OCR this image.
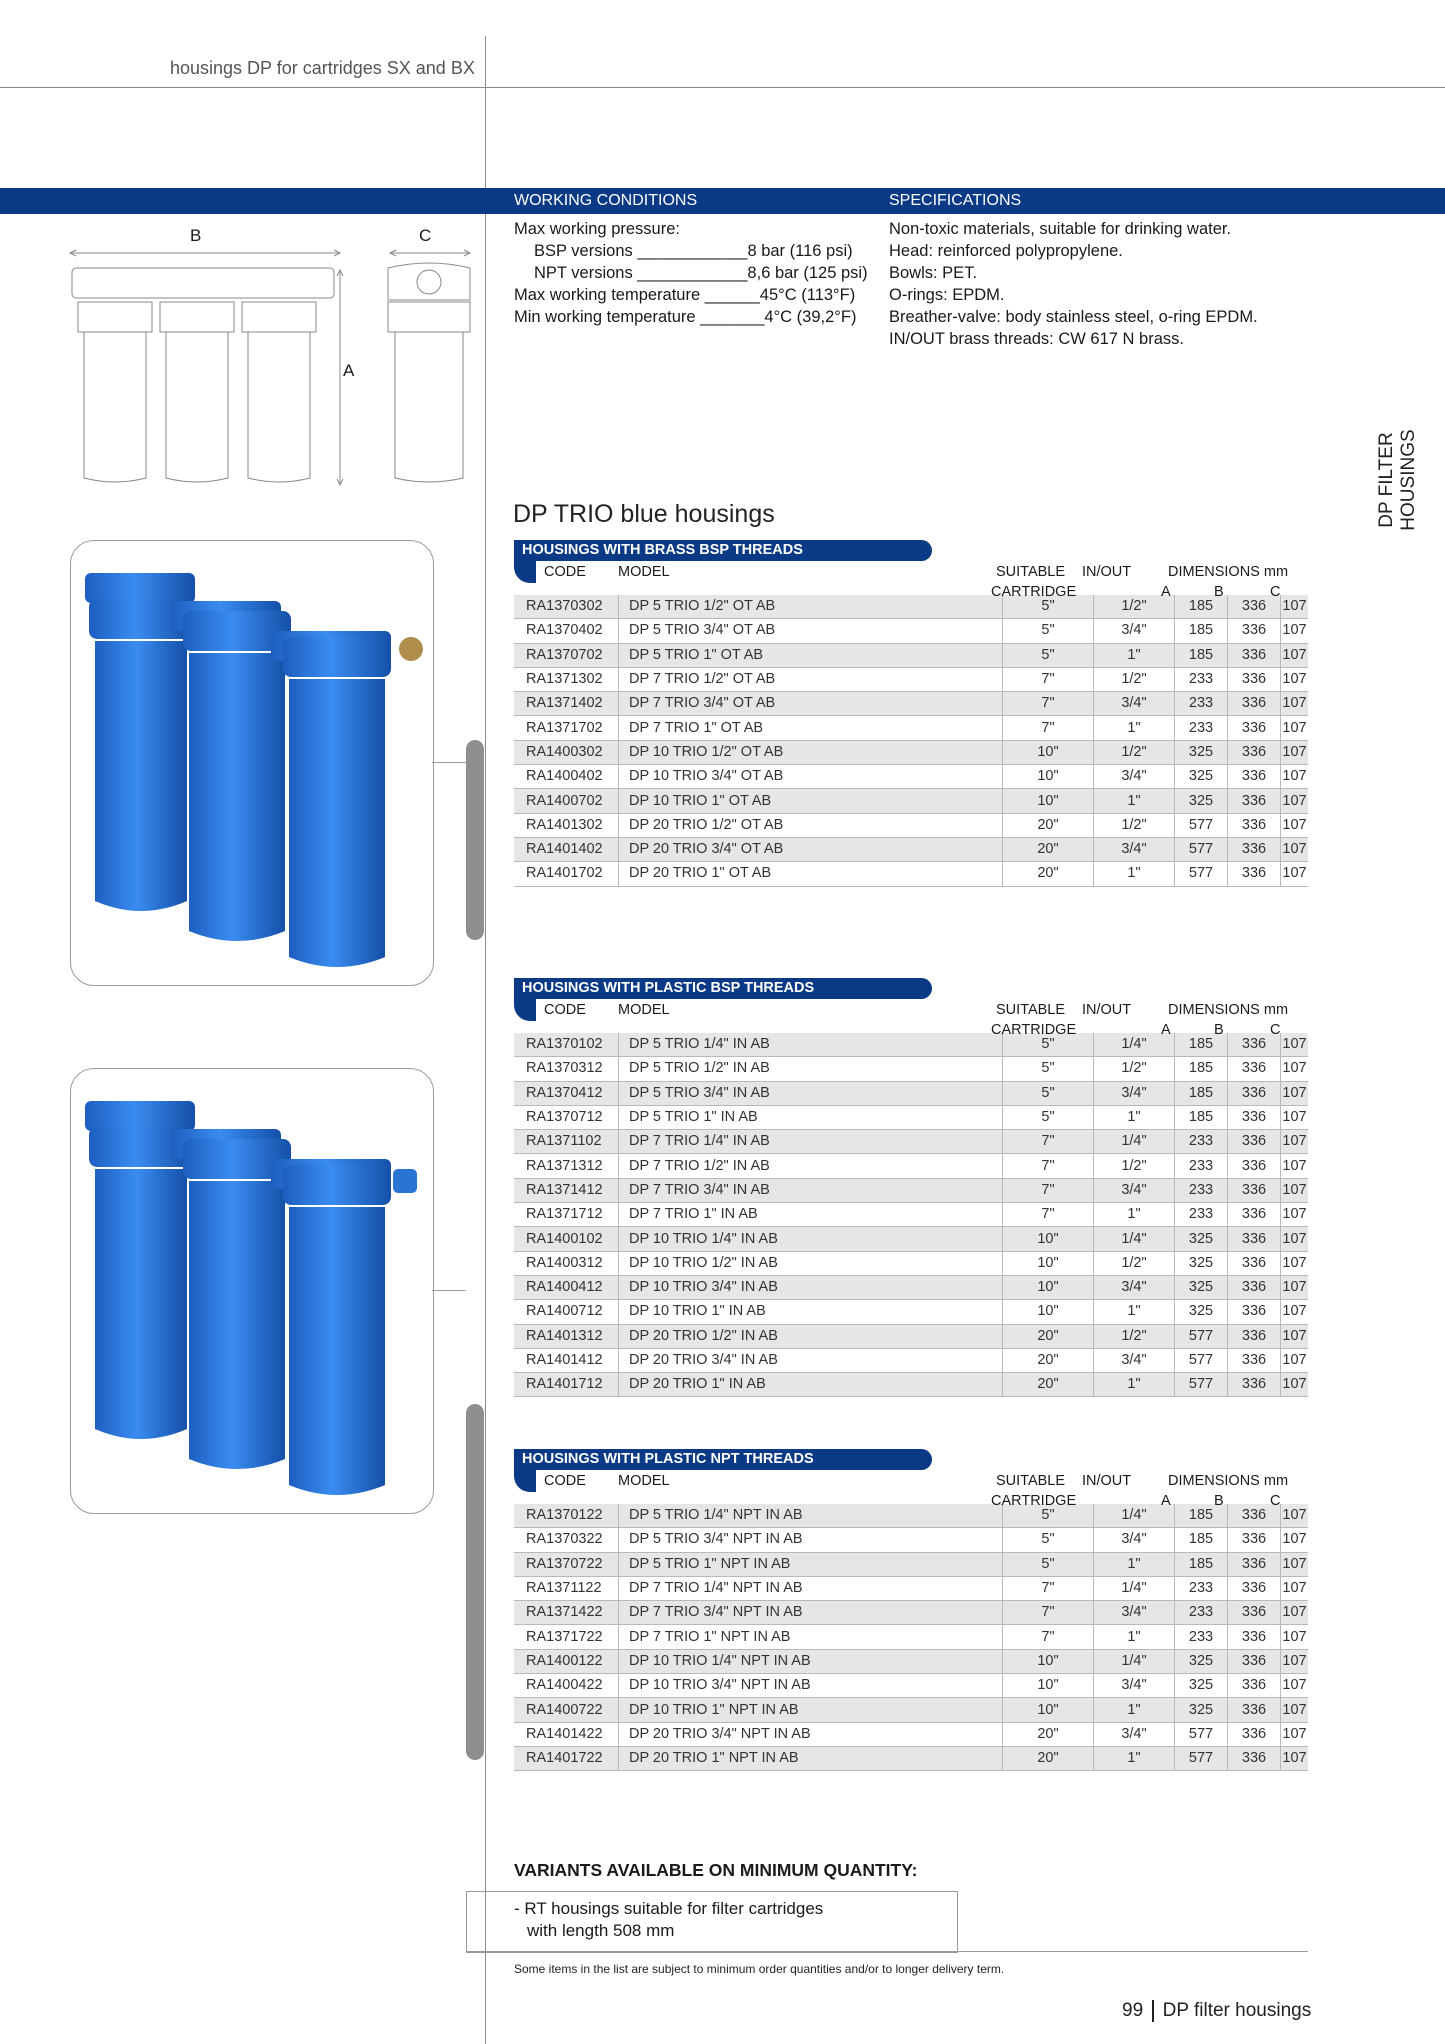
housings DP for cartridges SX and BX
DP FILTER HOUSINGS
WORKING CONDITIONS	SPECIFICATIONS
Max working pressure:
BSP versions ____________8 bar (116 psi)
NPT versions ____________8,6 bar (125 psi)
Max working temperature ______45°C (113°F)
Min working temperature _______4°C (39,2°F)
Non-toxic materials, suitable for drinking water.
Head: reinforced polypropylene.
Bowls: PET.
O-rings: EPDM.
Breather-valve: body stainless steel, o-ring EPDM.
IN/OUT brass threads: CW 617 N brass.
B	C
A
DP TRIO blue housings
HOUSINGS WITH BRASS BSP THREADS
CODE MODEL	SUITABLE
CARTRIDGE
IN/OUT	DIMENSIONS mm
A	B	C
RA1370302	DP 5 TRIO 1/2" OT AB	5"	1/2"	185	336	107
RA1370402	DP 5 TRIO 3/4" OT AB	5"	3/4"	185	336	107
RA1370702	DP 5 TRIO 1" OT AB	5"	1"	185	336	107
RA1371302	DP 7 TRIO 1/2" OT AB	7"	1/2"	233	336	107
RA1371402	DP 7 TRIO 3/4" OT AB	7"	3/4"	233	336	107
RA1371702	DP 7 TRIO 1" OT AB	7"	1"	233	336	107
RA1400302	DP 10 TRIO 1/2" OT AB	10"	1/2"	325	336	107
RA1400402	DP 10 TRIO 3/4" OT AB	10"	3/4"	325	336	107
RA1400702	DP 10 TRIO 1" OT AB	10"	1"	325	336	107
RA1401302	DP 20 TRIO 1/2" OT AB	20"	1/2"	577	336	107
RA1401402	DP 20 TRIO 3/4" OT AB	20"	3/4"	577	336	107
RA1401702	DP 20 TRIO 1" OT AB	20"	1"	577	336	107
HOUSINGS WITH PLASTIC BSP THREADS
CODE MODEL	SUITABLE
CARTRIDGE
IN/OUT	DIMENSIONS mm
A	B	C
RA1370102	DP 5 TRIO 1/4" IN AB	5"	1/4"	185	336	107
RA1370312	DP 5 TRIO 1/2" IN AB	5"	1/2"	185	336	107
RA1370412	DP 5 TRIO 3/4" IN AB	5"	3/4"	185	336	107
RA1370712	DP 5 TRIO 1" IN AB	5"	1"	185	336	107
RA1371102	DP 7 TRIO 1/4" IN AB	7"	1/4"	233	336	107
RA1371312	DP 7 TRIO 1/2" IN AB	7"	1/2"	233	336	107
RA1371412	DP 7 TRIO 3/4" IN AB	7"	3/4"	233	336	107
RA1371712	DP 7 TRIO 1" IN AB	7"	1"	233	336	107
RA1400102	DP 10 TRIO 1/4" IN AB	10"	1/4"	325	336	107
RA1400312	DP 10 TRIO 1/2" IN AB	10"	1/2"	325	336	107
RA1400412	DP 10 TRIO 3/4" IN AB	10"	3/4"	325	336	107
RA1400712	DP 10 TRIO 1" IN AB	10"	1"	325	336	107
RA1401312	DP 20 TRIO 1/2" IN AB	20"	1/2"	577	336	107
RA1401412	DP 20 TRIO 3/4" IN AB	20"	3/4"	577	336	107
RA1401712	DP 20 TRIO 1" IN AB	20"	1"	577	336	107
HOUSINGS WITH PLASTIC NPT THREADS
CODE MODEL	SUITABLE
CARTRIDGE
IN/OUT	DIMENSIONS mm
A	B	C
RA1370122	DP 5 TRIO 1/4" NPT IN AB	5"	1/4"	185	336	107
RA1370322	DP 5 TRIO 3/4" NPT IN AB	5"	3/4"	185	336	107
RA1370722	DP 5 TRIO 1" NPT IN AB	5"	1"	185	336	107
RA1371122	DP 7 TRIO 1/4" NPT IN AB	7"	1/4"	233	336	107
RA1371422	DP 7 TRIO 3/4" NPT IN AB	7"	3/4"	233	336	107
RA1371722	DP 7 TRIO 1" NPT IN AB	7"	1"	233	336	107
RA1400122	DP 10 TRIO 1/4" NPT IN AB	10"	1/4"	325	336	107
RA1400422	DP 10 TRIO 3/4" NPT IN AB	10"	3/4"	325	336	107
RA1400722	DP 10 TRIO 1" NPT IN AB	10"	1"	325	336	107
RA1401422	DP 20 TRIO 3/4" NPT IN AB	20"	3/4"	577	336	107
RA1401722	DP 20 TRIO 1" NPT IN AB	20"	1"	577	336	107
VARIANTS AVAILABLE ON MINIMUM QUANTITY:
- RT housings suitable for filter cartridges
with length 508 mm
Some items in the list are subject to minimum order quantities and/or to longer delivery term.
99 DP filter housings
